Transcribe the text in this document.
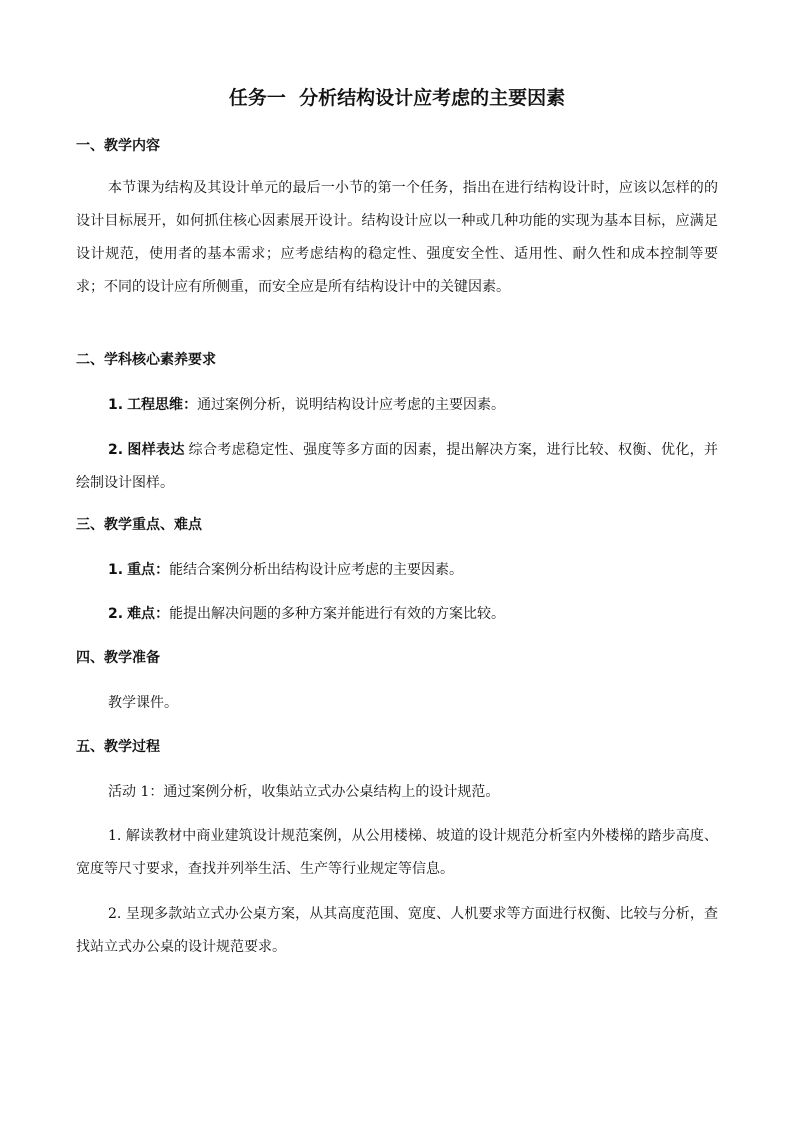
任务一  分析结构设计应考虑的主要因素
一、教学内容
本节课为结构及其设计单元的最后一小节的第一个任务，指出在进行结构设计时，应该以怎样的的设计目标展开，如何抓住核心因素展开设计。结构设计应以一种或几种功能的实现为基本目标，应满足设计规范，使用者的基本需求；应考虑结构的稳定性、强度安全性、适用性、耐久性和成本控制等要求；不同的设计应有所侧重，而安全应是所有结构设计中的关键因素。
二、学科核心素养要求
1. 工程思维：通过案例分析，说明结构设计应考虑的主要因素。
2. 图样表达 综合考虑稳定性、强度等多方面的因素，提出解决方案，进行比较、权衡、优化，并绘制设计图样。
三、教学重点、难点
1. 重点：能结合案例分析出结构设计应考虑的主要因素。
2. 难点：能提出解决问题的多种方案并能进行有效的方案比较。
四、教学准备
教学课件。
五、教学过程
活动 1：通过案例分析，收集站立式办公桌结构上的设计规范。
1. 解读教材中商业建筑设计规范案例，从公用楼梯、坡道的设计规范分析室内外楼梯的踏步高度、宽度等尺寸要求，查找并列举生活、生产等行业规定等信息。
2. 呈现多款站立式办公桌方案，从其高度范围、宽度、人机要求等方面进行权衡、比较与分析，查找站立式办公桌的设计规范要求。
